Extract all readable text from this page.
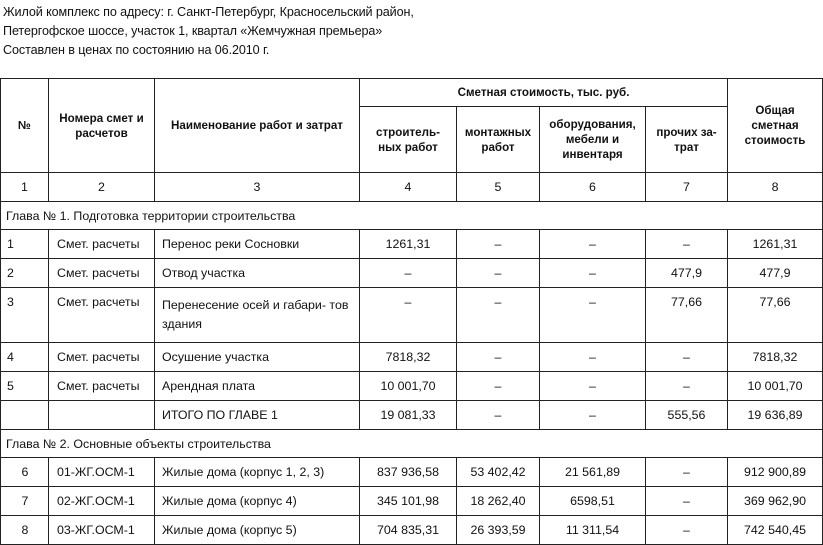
Жилой комплекс по адресу: г. Санкт-Петербург, Красносельский район,
Петергофское шоссе, участок 1, квартал «Жемчужная премьера»
Составлен в ценах по состоянию на 06.2010 г.
№	Номера смет и расчетов	Наименование работ и затрат	Сметная стоимость, тыс. руб.				Общая сметная стоимость
			строитель- ных работ	монтажных работ	оборудования, мебели и инвентаря	прочих за- трат	
1	2	3	4	5	6	7	8
Глава № 1. Подготовка территории строительства							
1	Смет. расчеты	Перенос реки Сосновки	1261,31	–	–	–	1261,31
2	Смет. расчеты	Отвод участка	–	–	–	477,9	477,9
3	Смет. расчеты	Перенесение осей и габари- тов здания	–	–	–	77,66	77,66
4	Смет. расчеты	Осушение участка	7818,32	–	–	–	7818,32
5	Смет. расчеты	Арендная плата	10 001,70	–	–	–	10 001,70
		ИТОГО ПО ГЛАВЕ 1	19 081,33	–	–	555,56	19 636,89
Глава № 2. Основные объекты строительства							
6	01-ЖГ.ОСМ-1	Жилые дома (корпус 1, 2, 3)	837 936,58	53 402,42	21 561,89	–	912 900,89
7	02-ЖГ.ОСМ-1	Жилые дома (корпус 4)	345 101,98	18 262,40	6598,51	–	369 962,90
8	03-ЖГ.ОСМ-1	Жилые дома (корпус 5)	704 835,31	26 393,59	11 311,54	–	742 540,45
